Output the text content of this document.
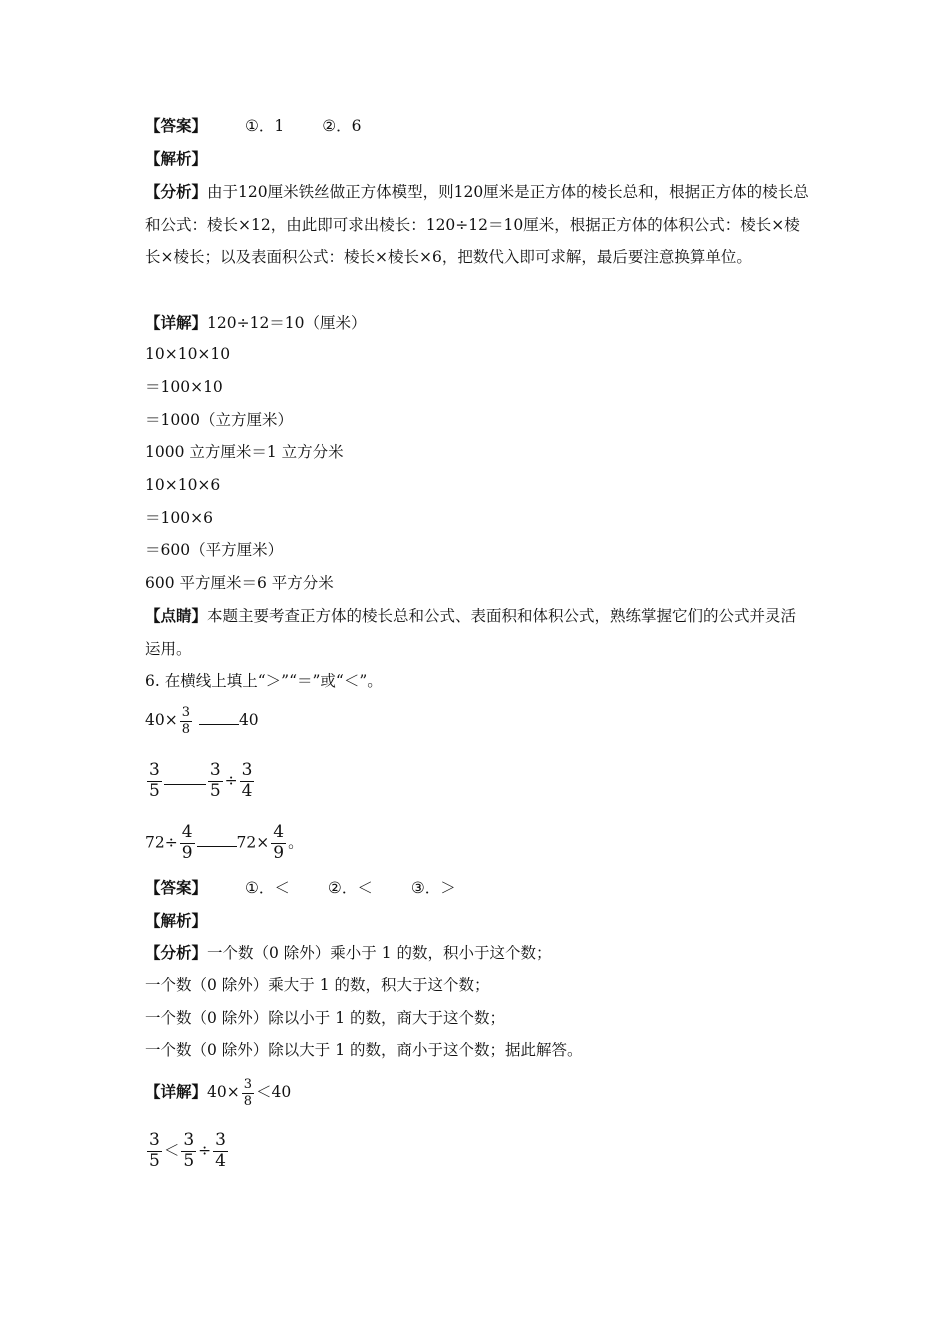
【答案】 ①．1 ②．6
【解析】
【分析】由于120厘米铁丝做正方体模型，则120厘米是正方体的棱长总和，根据正方体的棱长总和公式：棱长×12，由此即可求出棱长：120÷12＝10厘米，根据正方体的体积公式：棱长×棱长×棱长；以及表面积公式：棱长×棱长×6，把数代入即可求解，最后要注意换算单位。
【详解】120÷12＝10（厘米）
10×10×10
＝100×10
＝1000（立方厘米）
1000 立方厘米＝1 立方分米
10×10×6
＝100×6
＝600（平方厘米）
600 平方厘米＝6 平方分米
【点睛】本题主要考查正方体的棱长总和公式、表面积和体积公式，熟练掌握它们的公式并灵活运用。
6. 在横线上填上“＞”“＝”或“＜”。
$40\times \frac{3}{8}$	40
$\frac{3}{5}$	$\frac{3}{5} \div \frac{3}{4}$
$72\div \frac{4}{9}$	$72\times \frac{4}{9}$ 。
【答案】 ①．＜ ②．＜ ③．＞
【解析】
【分析】一个数（0 除外）乘小于 1 的数，积小于这个数；
一个数（0 除外）乘大于 1 的数，积大于这个数；
一个数（0 除外）除以小于 1 的数，商大于这个数；
一个数（0 除外）除以大于 1 的数，商小于这个数；据此解答。
【详解】$40\times \frac{3}{8} <40$
$\frac{3}{5} < \frac{3}{5} \div \frac{3}{4}$
